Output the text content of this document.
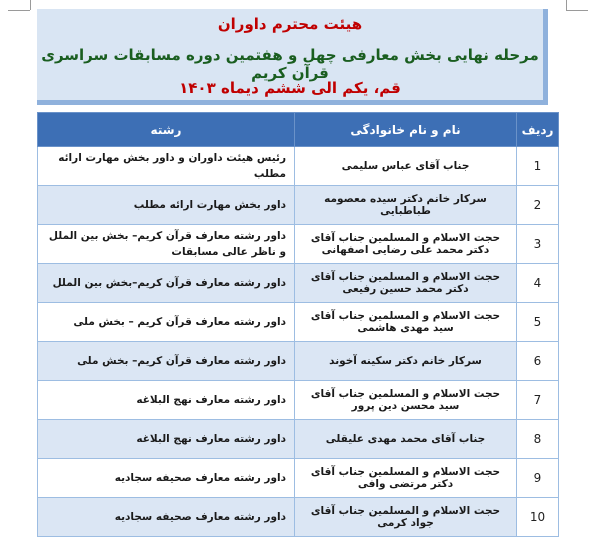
هیئت محترم داوران
مرحله نهایی بخش معارفی چهل و هفتمین دوره مسابقات سراسری قرآن کریم
قم، یکم الی ششم دیماه ۱۴۰۳
ردیف	نام و نام خانوادگی	رشته
1	جناب آقای عباس سلیمی	رئیس هیئت داوران و داور بخش مهارت ارائه مطلب
2	سرکار خانم دکتر سیده معصومه طباطبایی	داور بخش مهارت ارائه مطلب
3	حجت الاسلام و المسلمین جناب آقای دکتر محمد علی رضایی اصفهانی	داور رشته معارف قرآن کریم– بخش بین الملل و ناظر عالی مسابقات
4	حجت الاسلام و المسلمین جناب آقای دکتر محمد حسین رفیعی	داور رشته معارف قرآن کریم–بخش بین الملل
5	حجت الاسلام و المسلمین جناب آقای سید مهدی هاشمی	داور رشته معارف قرآن کریم – بخش ملی
6	سرکار خانم دکتر سکینه آخوند	داور رشته معارف قرآن کریم– بخش ملی
7	حجت الاسلام و المسلمین جناب آقای سید محسن دین پرور	داور رشته معارف نهج البلاغه
8	جناب آقای محمد مهدی علیقلی	داور رشته معارف نهج البلاغه
9	حجت الاسلام و المسلمین جناب آقای دکتر مرتضی وافی	داور رشته معارف صحیفه سجادیه
10	حجت الاسلام و المسلمین جناب آقای جواد کرمی	داور رشته معارف صحیفه سجادیه
